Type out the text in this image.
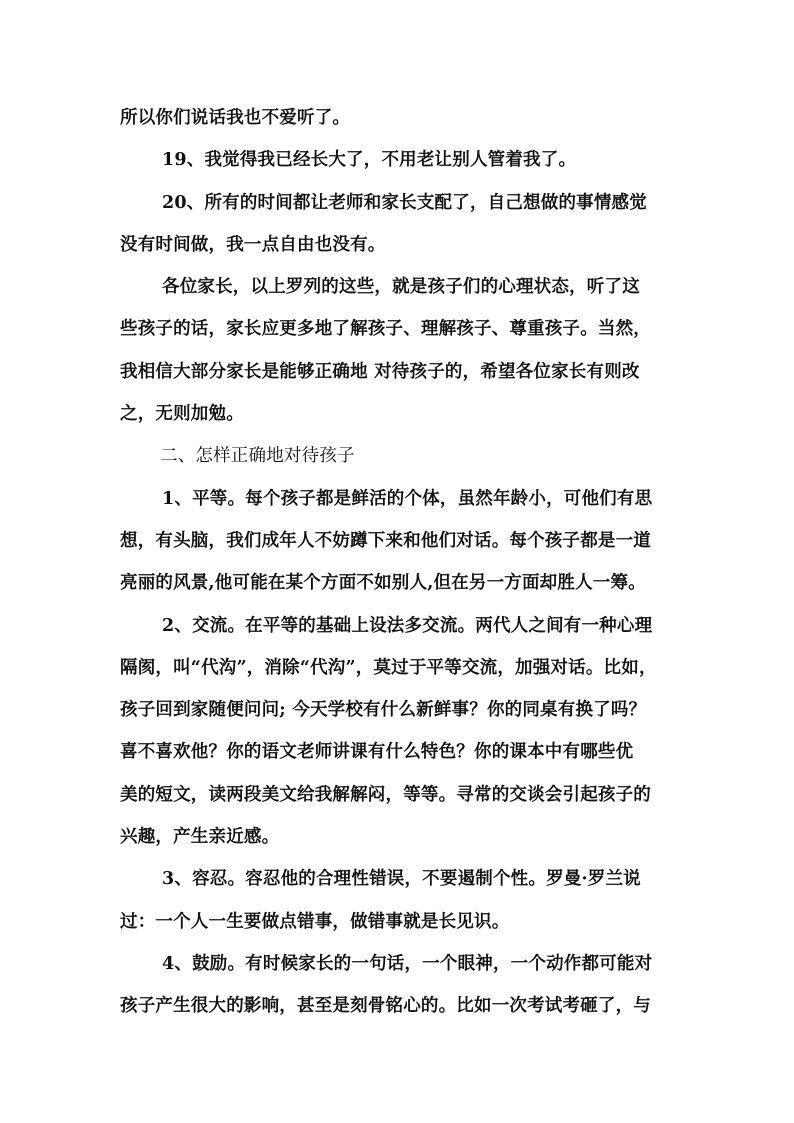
所以你们说话我也不爱听了。
19、我觉得我已经长大了，不用老让别人管着我了。
20、所有的时间都让老师和家长支配了，自己想做的事情感觉
没有时间做，我一点自由也没有。
各位家长，以上罗列的这些，就是孩子们的心理状态，听了这
些孩子的话，家长应更多地了解孩子、理解孩子、尊重孩子。当然，
我相信大部分家长是能够正确地 对待孩子的，希望各位家长有则改
之，无则加勉。
二、怎样正确地对待孩子
1、平等。每个孩子都是鲜活的个体，虽然年龄小，可他们有思
想，有头脑，我们成年人不妨蹲下来和他们对话。每个孩子都是一道
亮丽的风景,他可能在某个方面不如别人,但在另一方面却胜人一筹。
2、交流。在平等的基础上设法多交流。两代人之间有一种心理
隔阂，叫“代沟”，消除“代沟”，莫过于平等交流，加强对话。比如，
孩子回到家随便问问; 今天学校有什么新鲜事？你的同桌有换了吗？
喜不喜欢他？你的语文老师讲课有什么特色？你的课本中有哪些优
美的短文，读两段美文给我解解闷，等等。寻常的交谈会引起孩子的
兴趣，产生亲近感。
3、容忍。容忍他的合理性错误，不要遏制个性。罗曼·罗兰说
过：一个人一生要做点错事，做错事就是长见识。
4、鼓励。有时候家长的一句话，一个眼神，一个动作都可能对
孩子产生很大的影响，甚至是刻骨铭心的。比如一次考试考砸了，与
